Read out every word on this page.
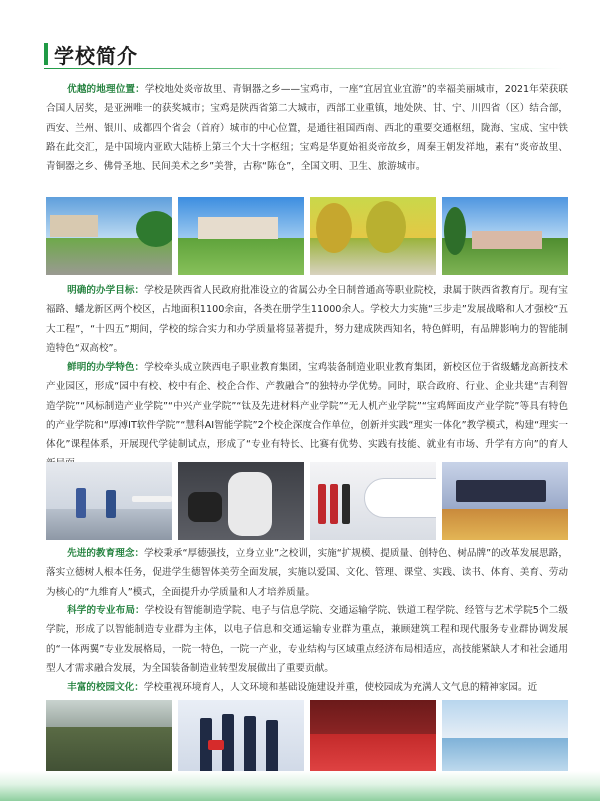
学校简介

优越的地理位置：学校地处炎帝故里、青铜器之乡——宝鸡市，一座“宜居宜业宜游”的幸福美丽城市，2021年荣获联合国人居奖，是亚洲唯一的获奖城市；宝鸡是陕西省第二大城市，西部工业重镇，地处陕、甘、宁、川四省（区）结合部，西安、兰州、银川、成都四个省会（首府）城市的中心位置，是通往祖国西南、西北的重要交通枢纽，陇海、宝成、宝中铁路在此交汇，是中国境内亚欧大陆桥上第三个大十字枢纽；宝鸡是华夏始祖炎帝故乡，周秦王朝发祥地，素有“炎帝故里、青铜器之乡、佛骨圣地、民间美术之乡”美誉，古称“陈仓”，全国文明、卫生、旅游城市。

明确的办学目标：学校是陕西省人民政府批准设立的省属公办全日制普通高等职业院校，隶属于陕西省教育厅。现有宝福路、蟠龙新区两个校区，占地面积1100余亩，各类在册学生11000余人。学校大力实施“三步走”发展战略和人才强校“五大工程”，“十四五”期间，学校的综合实力和办学质量将显著提升，努力建成陕西知名，特色鲜明，有品牌影响力的智能制造特色“双高校”。

鲜明的办学特色：学校牵头成立陕西电子职业教育集团，宝鸡装备制造业职业教育集团，新校区位于省级蟠龙高新技术产业园区，形成“园中有校、校中有企、校企合作、产教融合”的独特办学优势。同时，联合政府、行业、企业共建“吉利智造学院”“风标制造产业学院”“中兴产业学院”“钛及先进材料产业学院”“无人机产业学院”“宝鸡辉面皮产业学院”等具有特色的产业学院和“厚溥IT软件学院”“慧科AI智能学院”2个校企深度合作单位，创新并实践“理实一体化”教学模式，构建“理实一体化”课程体系，开展现代学徒制试点，形成了“专业有特长、比赛有优势、实践有技能、就业有市场、升学有方向”的育人

先进的教育理念：学校秉承“厚德强技，立身立业”之校训，实施“扩规模、提质量、创特色、树品牌”的改革发展思路，落实立德树人根本任务，促进学生德智体美劳全面发展，实施以爱国、文化、管理、课堂、实践、读书、体育、美育、劳动为核心的“九维育人”模式，全面提升办学质量和人才培养质量。

科学的专业布局：学校设有智能制造学院、电子与信息学院、交通运输学院、铁道工程学院、经管与艺术学院5个二级学院，形成了以智能制造专业群为主体，以电子信息和交通运输专业群为重点，兼顾建筑工程和现代服务专业群协调发展的“一体两翼”专业发展格局，一院一特色，一院一产业，专业结构与区域重点经济布局相适应，高技能紧缺人才和社会通用型人才需求融合发展，为全国装备制造业转型发展做出了重要贡献。

丰富的校园文化：学校重视环境育人，人文环境和基础设施建设并重，使校园成为充满人文气息的精神家园。近
